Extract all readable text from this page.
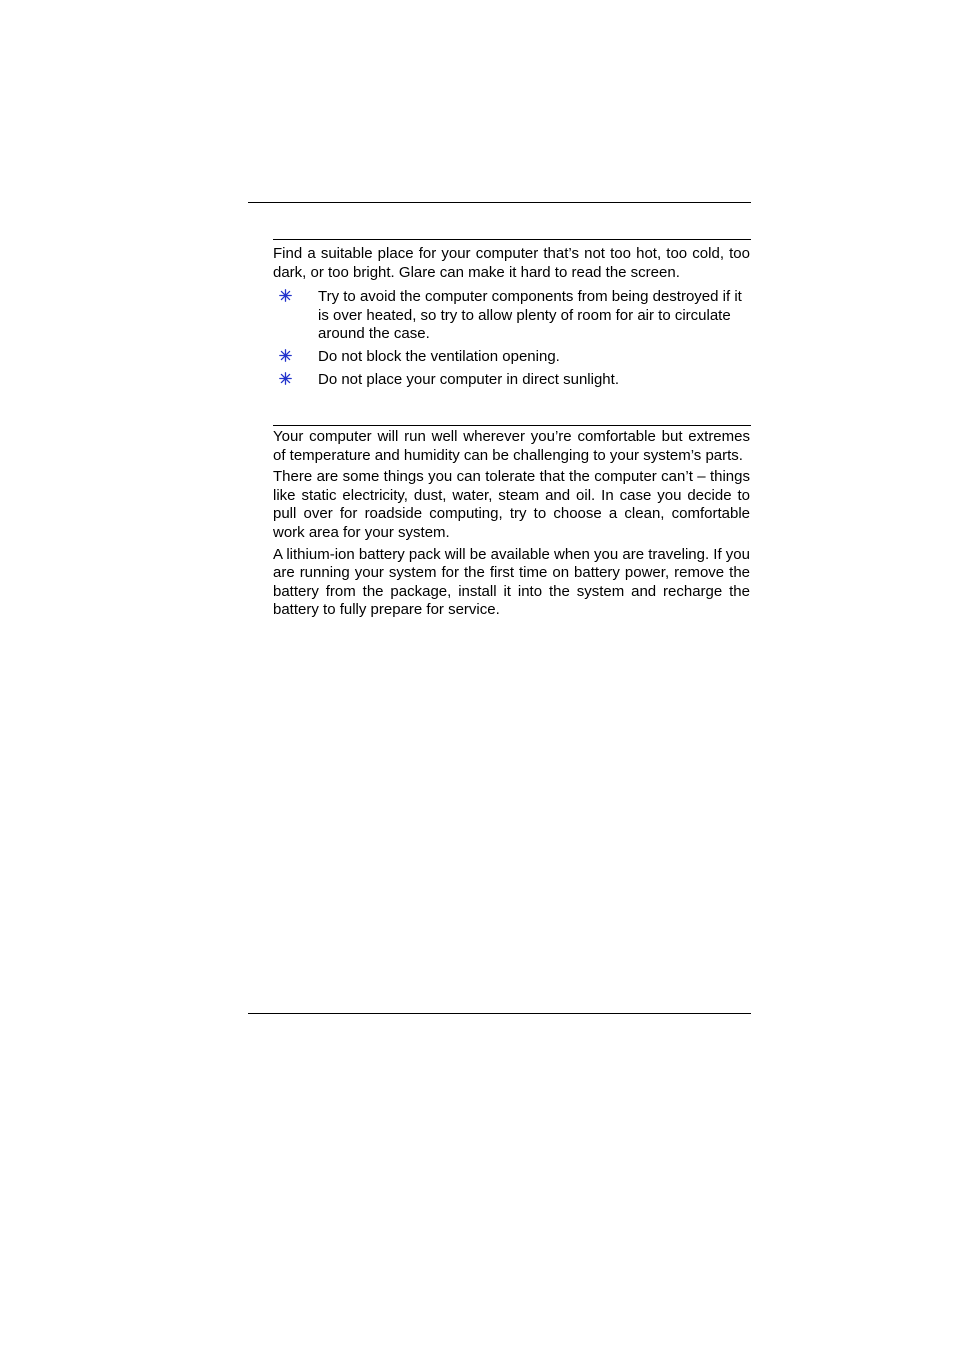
Find a suitable place for your computer that’s not too hot, too cold, too dark, or too bright. Glare can make it hard to read the screen.

Try to avoid the computer components from being destroyed if it is over heated, so try to allow plenty of room for air to circulate around the case.
Do not block the ventilation opening.
Do not place your computer in direct sunlight.

Your computer will run well wherever you’re comfortable but extremes of temperature and humidity can be challenging to your system’s parts.

There are some things you can tolerate that the computer can’t – things like static electricity, dust, water, steam and oil. In case you decide to pull over for roadside computing, try to choose a clean, comfortable work area for your system.

A lithium-ion battery pack will be available when you are traveling. If you are running your system for the first time on battery power, remove the battery from the package, install it into the system and recharge the battery to fully prepare for service.
